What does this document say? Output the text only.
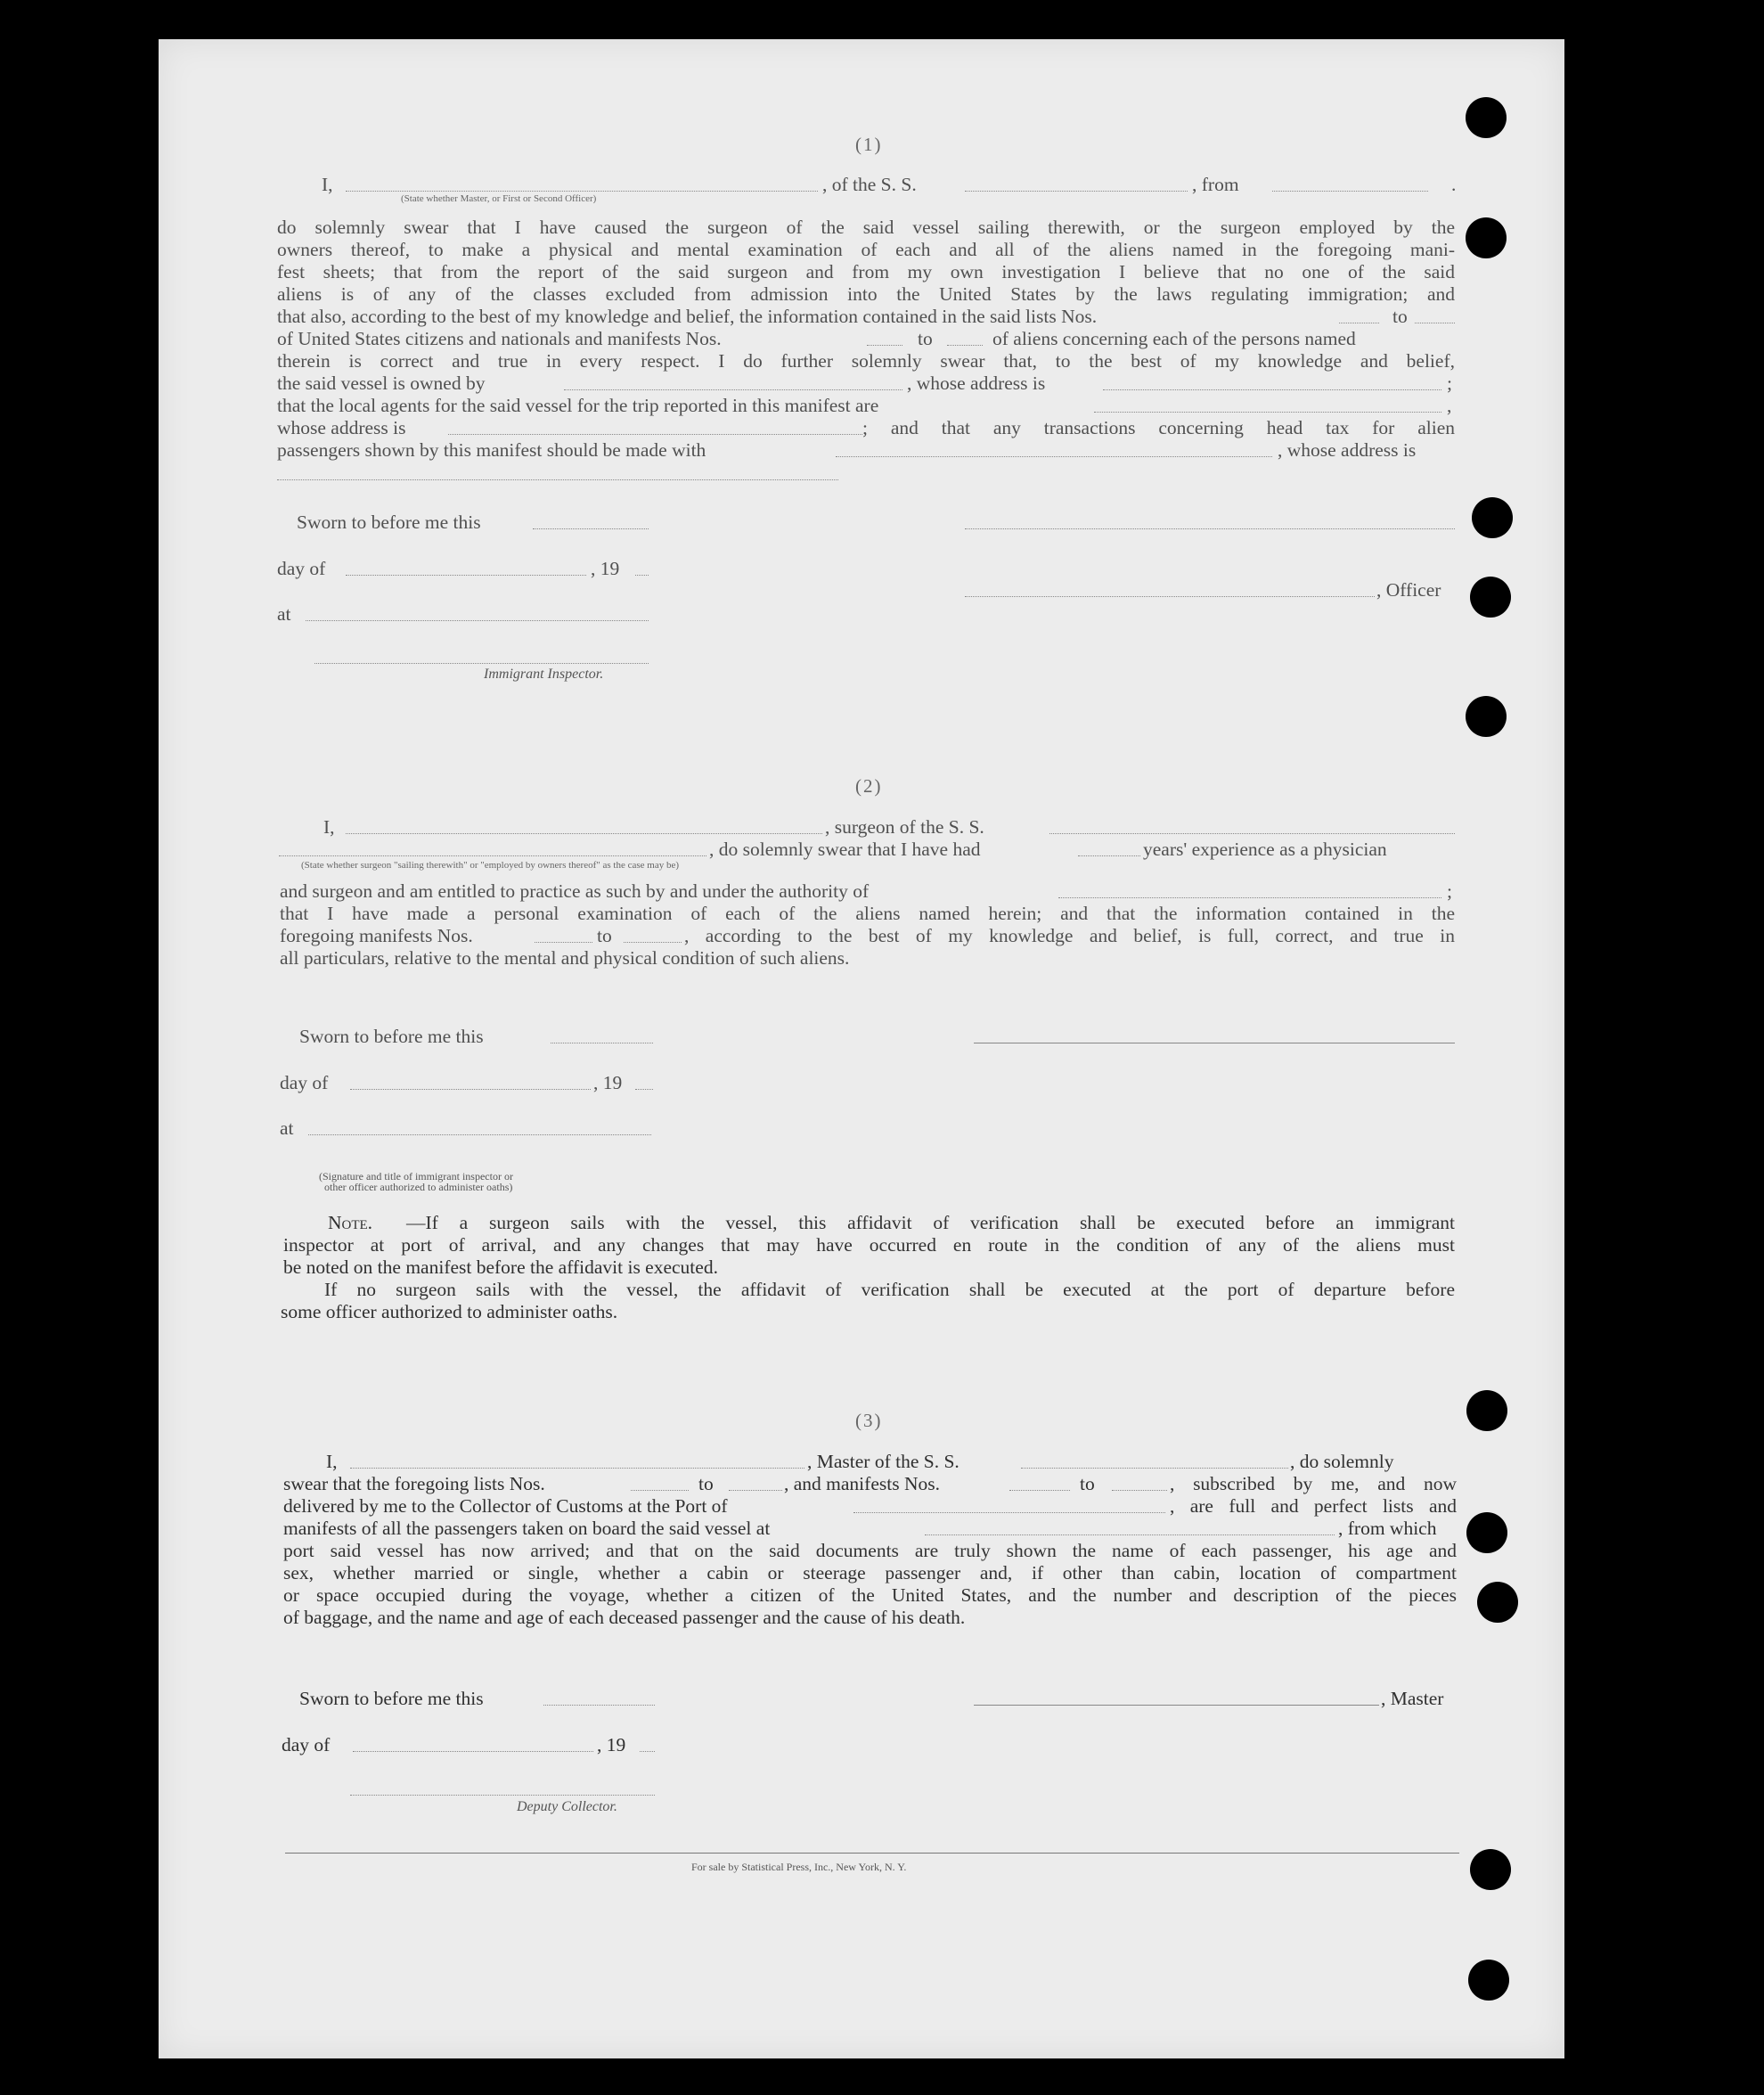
(1)
I,	, of the S. S.	, from	.
(State whether Master, or First or Second Officer)
do solemnly swear that I have caused the surgeon of the said vessel sailing therewith, or the surgeon employed by the
owners thereof, to make a physical and mental examination of each and all of the aliens named in the foregoing mani-
fest sheets; that from the report of the said surgeon and from my own investigation I believe that no one of the said
aliens is of any of the classes excluded from admission into the United States by the laws regulating immigration; and
that also, according to the best of my knowledge and belief, the information contained in the said lists Nos.	to
of United States citizens and nationals and manifests Nos.	to	of aliens concerning each of the persons named
therein is correct and true in every respect. I do further solemnly swear that, to the best of my knowledge and belief,
the said vessel is owned by	, whose address is	;
that the local agents for the said vessel for the trip reported in this manifest are	,
whose address is	; and that any transactions concerning head tax for alien
passengers shown by this manifest should be made with	, whose address is
Sworn to before me this
day of	, 19
, Officer
at
Immigrant Inspector.
(2)
I,	, surgeon of the S. S.
, do solemnly swear that I have had	years' experience as a physician
(State whether surgeon "sailing therewith" or "employed by owners thereof" as the case may be)
and surgeon and am entitled to practice as such by and under the authority of	;
that I have made a personal examination of each of the aliens named herein; and that the information contained in the
foregoing manifests Nos.	to	, according to the best of my knowledge and belief, is full, correct, and true in
all particulars, relative to the mental and physical condition of such aliens.
Sworn to before me this
day of	, 19
at
(Signature and title of immigrant inspector or
other officer authorized to administer oaths)
Note. —If a surgeon sails with the vessel, this affidavit of verification shall be executed before an immigrant
inspector at port of arrival, and any changes that may have occurred en route in the condition of any of the aliens must
be noted on the manifest before the affidavit is executed.
If no surgeon sails with the vessel, the affidavit of verification shall be executed at the port of departure before
some officer authorized to administer oaths.
(3)
I,	, Master of the S. S.	, do solemnly
swear that the foregoing lists Nos.	to	, and manifests Nos.	to	, subscribed by me, and now
delivered by me to the Collector of Customs at the Port of	, are full and perfect lists and
manifests of all the passengers taken on board the said vessel at	, from which
port said vessel has now arrived; and that on the said documents are truly shown the name of each passenger, his age and
sex, whether married or single, whether a cabin or steerage passenger and, if other than cabin, location of compartment
or space occupied during the voyage, whether a citizen of the United States, and the number and description of the pieces
of baggage, and the name and age of each deceased passenger and the cause of his death.
Sworn to before me this	, Master
day of	, 19
Deputy Collector.
For sale by Statistical Press, Inc., New York, N. Y.
